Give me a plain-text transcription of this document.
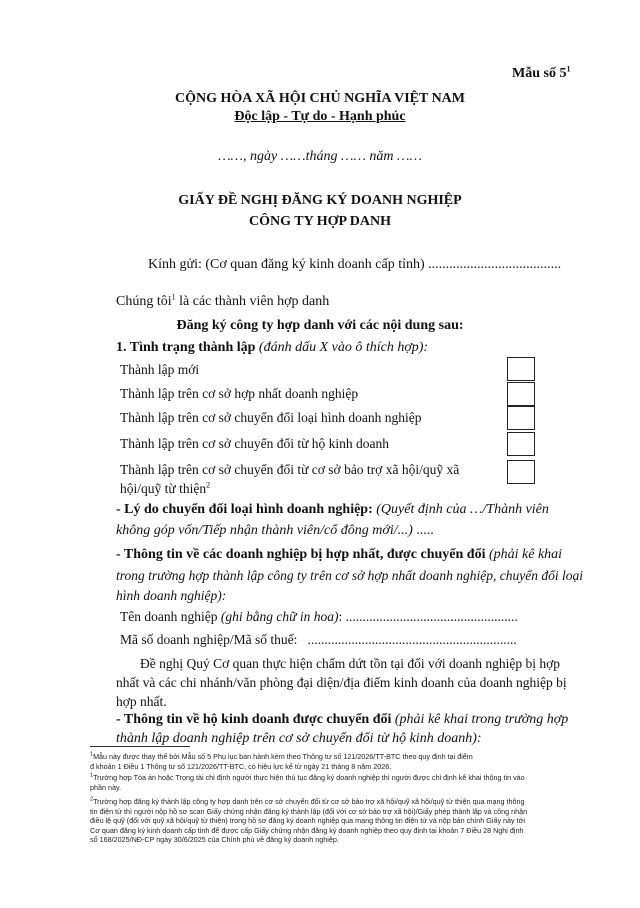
Mẫu số $5^1$
CỘNG HÒA XÃ HỘI CHỦ NGHĨA VIỆT NAM
Độc lập - Tự do - Hạnh phúc
……, ngày ……tháng …… năm ……
GIẤY ĐỀ NGHỊ ĐĂNG KÝ DOANH NGHIỆP
CÔNG TY HỢP DANH
Kính gửi: (Cơ quan đăng ký kinh doanh cấp tỉnh) ......................................
Chúng tôi$^1$ là các thành viên hợp danh
Đăng ký công ty hợp danh với các nội dung sau:
1. Tình trạng thành lập (đánh dấu X vào ô thích hợp):
Thành lập mới
Thành lập trên cơ sở hợp nhất doanh nghiệp
Thành lập trên cơ sở chuyển đổi loại hình doanh nghiệp
Thành lập trên cơ sở chuyển đổi từ hộ kinh doanh
Thành lập trên cơ sở chuyển đổi từ cơ sở bảo trợ xã hội/quỹ xã
hội/quỹ từ thiện$^2$
- Lý do chuyển đổi loại hình doanh nghiệp: (Quyết định của …/Thành viên
không góp vốn/Tiếp nhận thành viên/cổ đông mới/...) .....
- Thông tin về các doanh nghiệp bị hợp nhất, được chuyển đổi (phải kê khai
trong trường hợp thành lập công ty trên cơ sở hợp nhất doanh nghiệp, chuyển đổi loại
hình doanh nghiệp):
Tên doanh nghiệp (ghi bằng chữ in hoa): ...................................................
Mã số doanh nghiệp/Mã số thuế: ..............................................................
Đề nghị Quý Cơ quan thực hiện chấm dứt tồn tại đối với doanh nghiệp bị hợp
nhất và các chi nhánh/văn phòng đại diện/địa điểm kinh doanh của doanh nghiệp bị
hợp nhất.
- Thông tin về hộ kinh doanh được chuyển đổi (phải kê khai trong trường hợp
thành lập doanh nghiệp trên cơ sở chuyển đổi từ hộ kinh doanh):
$^1$Mẫu này được thay thế bởi Mẫu số 5 Phụ lục ban hành kèm theo Thông tư số 121/2026/TT-BTC theo quy định tại điểm
đ khoản 1 Điều 1 Thông tư số 121/2026/TT-BTC, có hiệu lực kể từ ngày 21 tháng 8 năm 2026.
$^1$Trường hợp Tòa án hoặc Trọng tài chỉ định người thực hiện thủ tục đăng ký doanh nghiệp thì người được chỉ định kê khai thông tin vào
phần này.
$^2$Trường hợp đăng ký thành lập công ty hợp danh trên cơ sở chuyển đổi từ cơ sở bảo trợ xã hội/quỹ xã hội/quỹ từ thiện qua mạng thông
tin điện tử thì người nộp hồ sơ scan Giấy chứng nhận đăng ký thành lập (đối với cơ sở bảo trợ xã hội)/Giấy phép thành lập và công nhận
điều lệ quỹ (đối với quỹ xã hội/quỹ từ thiện) trong hồ sơ đăng ký doanh nghiệp qua mạng thông tin điện tử và nộp bản chính Giấy này tới
Cơ quan đăng ký kinh doanh cấp tỉnh để được cấp Giấy chứng nhận đăng ký doanh nghiệp theo quy định tại khoản 7 Điều 28 Nghị định
số 168/2025/NĐ-CP ngày 30/6/2025 của Chính phủ về đăng ký doanh nghiệp.
